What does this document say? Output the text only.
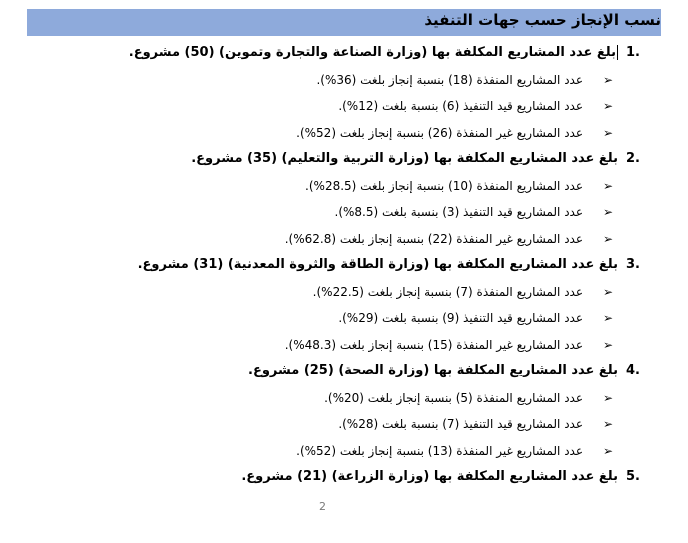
نسب الإنجاز حسب جهات التنفيذ
1.
بلغ عدد المشاريع المكلفة بها (وزارة الصناعة والتجارة وتموين) (50) مشروع.
➢
عدد المشاريع المنفذة (18) بنسبة إنجاز بلغت (36%).
➢
عدد المشاريع قيد التنفيذ (6) بنسبة بلغت (12%).
➢
عدد المشاريع غير المنفذة (26) بنسبة إنجاز بلغت (52%).
2.
بلغ عدد المشاريع المكلفة بها (وزارة التربية والتعليم) (35) مشروع.
➢
عدد المشاريع المنفذة (10) بنسبة إنجاز بلغت (28.5%).
➢
عدد المشاريع قيد التنفيذ (3) بنسبة بلغت (8.5%).
➢
عدد المشاريع غير المنفذة (22) بنسبة إنجاز بلغت (62.8%).
3.
بلغ عدد المشاريع المكلفة بها (وزارة الطاقة والثروة المعدنية) (31) مشروع.
➢
عدد المشاريع المنفذة (7) بنسبة إنجاز بلغت (22.5%).
➢
عدد المشاريع قيد التنفيذ (9) بنسبة بلغت (29%).
➢
عدد المشاريع غير المنفذة (15) بنسبة إنجاز بلغت (48.3%).
4.
بلغ عدد المشاريع المكلفة بها (وزارة الصحة) (25) مشروع.
➢
عدد المشاريع المنفذة (5) بنسبة إنجاز بلغت (20%).
➢
عدد المشاريع قيد التنفيذ (7) بنسبة بلغت (28%).
➢
عدد المشاريع غير المنفذة (13) بنسبة إنجاز بلغت (52%).
5.
بلغ عدد المشاريع المكلفة بها (وزارة الزراعة) (21) مشروع.
2
